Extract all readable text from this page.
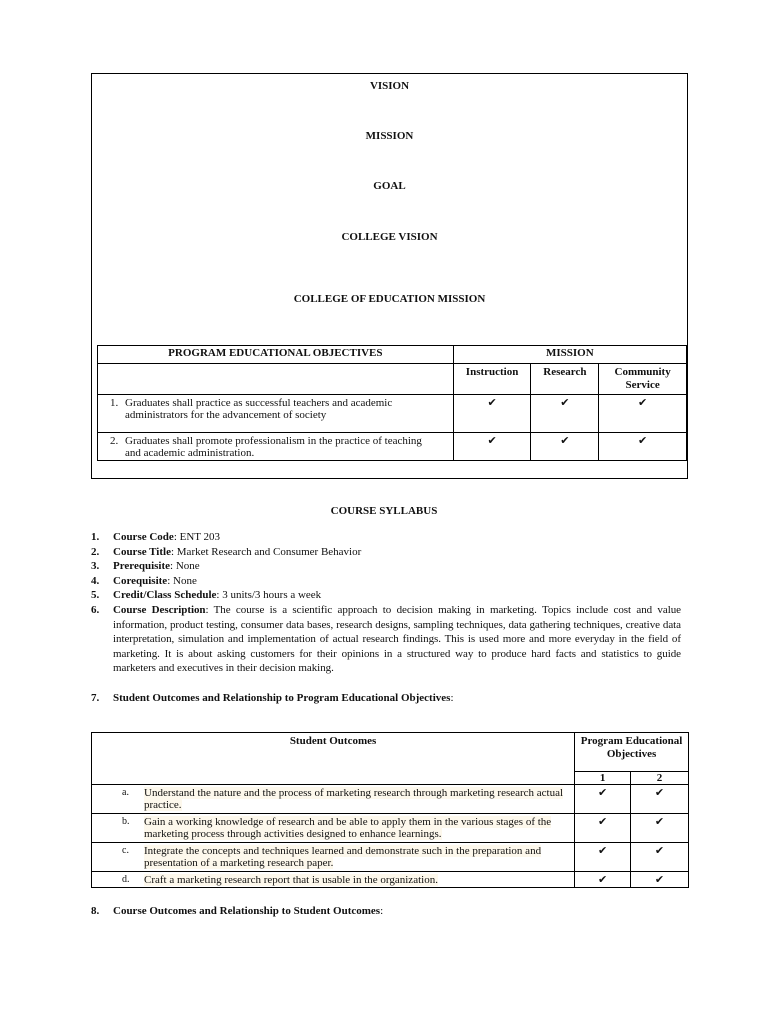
VISION
MISSION
GOAL
COLLEGE VISION
COLLEGE OF EDUCATION MISSION
PROGRAM EDUCATIONAL OBJECTIVES	MISSION		
	Instruction	Research	Community Service
1. Graduates shall practice as successful teachers and academic administrators for the advancement of society	✔	✔	✔
2. Graduates shall promote professionalism in the practice of teaching and academic administration.	✔	✔	✔
COURSE SYLLABUS
1. Course Code: ENT 203
2. Course Title: Market Research and Consumer Behavior
3. Prerequisite: None
4. Corequisite: None
5. Credit/Class Schedule: 3 units/3 hours a week
6. Course Description: The course is a scientific approach to decision making in marketing. Topics include cost and value information, product testing, consumer data bases, research designs, sampling techniques, data gathering techniques, creative data interpretation, simulation and implementation of actual research findings. This is used more and more everyday in the field of marketing. It is about asking customers for their opinions in a structured way to produce hard facts and statistics to guide marketers and executives in their decision making.
7. Student Outcomes and Relationship to Program Educational Objectives:
Student Outcomes	Program Educational Objectives	
	1	2

a. Understand the nature and the process of marketing research through marketing research actual practice.	✔	✔

b. Gain a working knowledge of research and be able to apply them in the various stages of the marketing process through activities designed to enhance learnings.	✔	✔

c. Integrate the concepts and techniques learned and demonstrate such in the preparation and presentation of a marketing research paper.	✔	✔

d. Craft a marketing research report that is usable in the organization.	✔	✔
8. Course Outcomes and Relationship to Student Outcomes:
